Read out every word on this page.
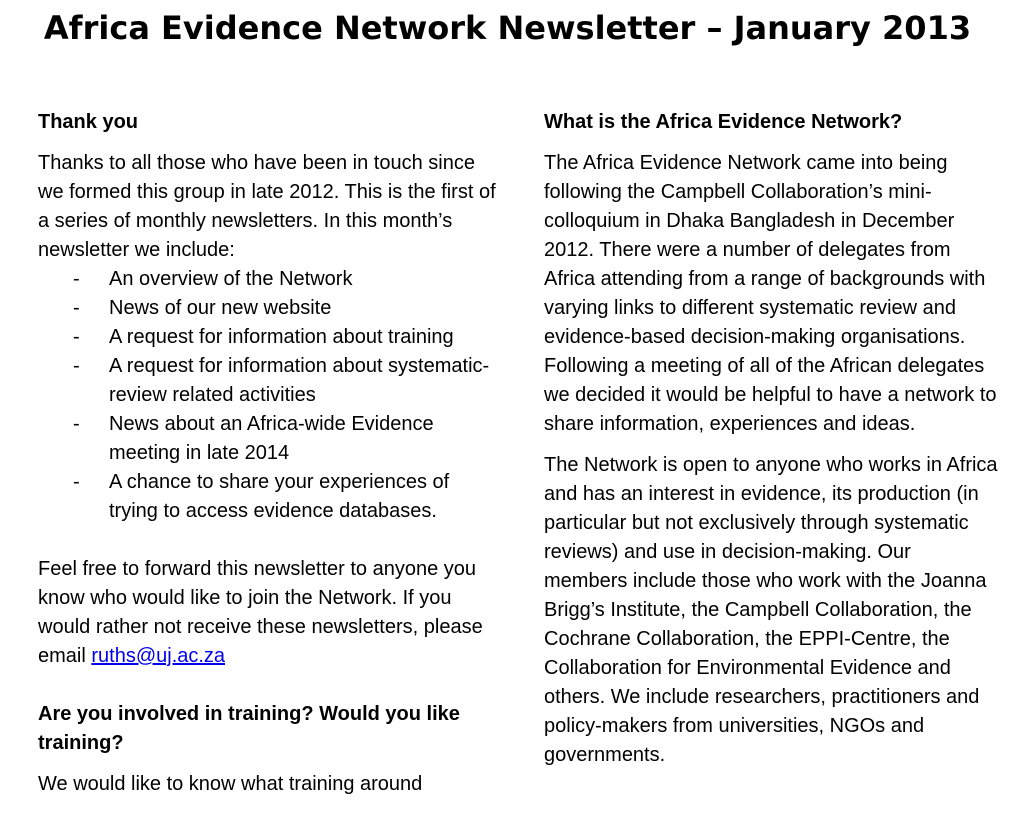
Africa Evidence Network Newsletter – January 2013
Thank you

Thanks to all those who have been in touch since we formed this group in late 2012. This is the first of a series of monthly newsletters. In this month’s newsletter we include:

- An overview of the Network
- News of our new website
- A request for information about training
- A request for information about systematic-review related activities
- News about an Africa-wide Evidence meeting in late 2014
- A chance to share your experiences of trying to access evidence databases.

Feel free to forward this newsletter to anyone you know who would like to join the Network. If you would rather not receive these newsletters, please email ruths@uj.ac.za

Are you involved in training? Would you like training?

We would like to know what training around

What is the Africa Evidence Network?

The Africa Evidence Network came into being following the Campbell Collaboration’s mini-colloquium in Dhaka Bangladesh in December 2012. There were a number of delegates from Africa attending from a range of backgrounds with varying links to different systematic review and evidence-based decision-making organisations. Following a meeting of all of the African delegates we decided it would be helpful to have a network to share information, experiences and ideas.

The Network is open to anyone who works in Africa and has an interest in evidence, its production (in particular but not exclusively through systematic reviews) and use in decision-making. Our members include those who work with the Joanna Brigg’s Institute, the Campbell Collaboration, the Cochrane Collaboration, the EPPI-Centre, the Collaboration for Environmental Evidence and others. We include researchers, practitioners and policy-makers from universities, NGOs and governments.
